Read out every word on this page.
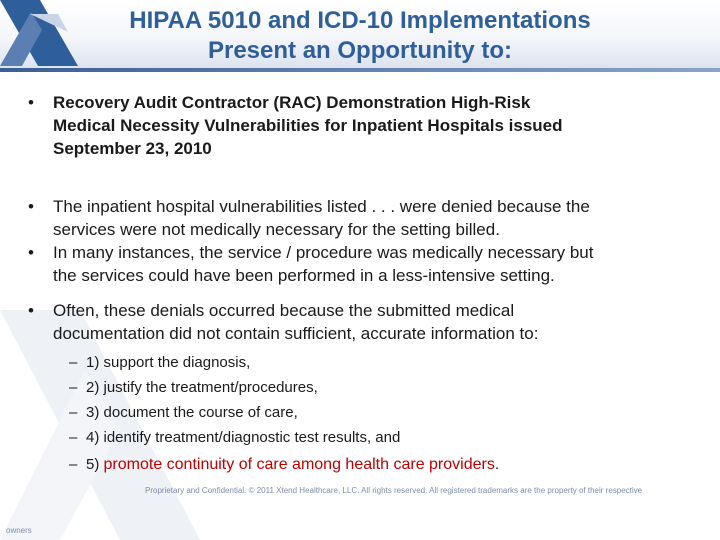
HIPAA 5010 and ICD-10 Implementations
Present an Opportunity to:
• Recovery Audit Contractor (RAC) Demonstration High-Risk
Medical Necessity Vulnerabilities for Inpatient Hospitals issued
September 23, 2010
• The inpatient hospital vulnerabilities listed . . . were denied because the
services were not medically necessary for the setting billed.
• In many instances, the service / procedure was medically necessary but
the services could have been performed in a less-intensive setting.
• Often, these denials occurred because the submitted medical
documentation did not contain sufficient, accurate information to:
– 1) support the diagnosis,
– 2) justify the treatment/procedures,
– 3) document the course of care,
– 4) identify treatment/diagnostic test results, and
– 5) promote continuity of care among health care providers.
Proprietary and Confidential. © 2011 Xtend Healthcare, LLC. All rights reserved. All registered trademarks are the property of their respective
owners
